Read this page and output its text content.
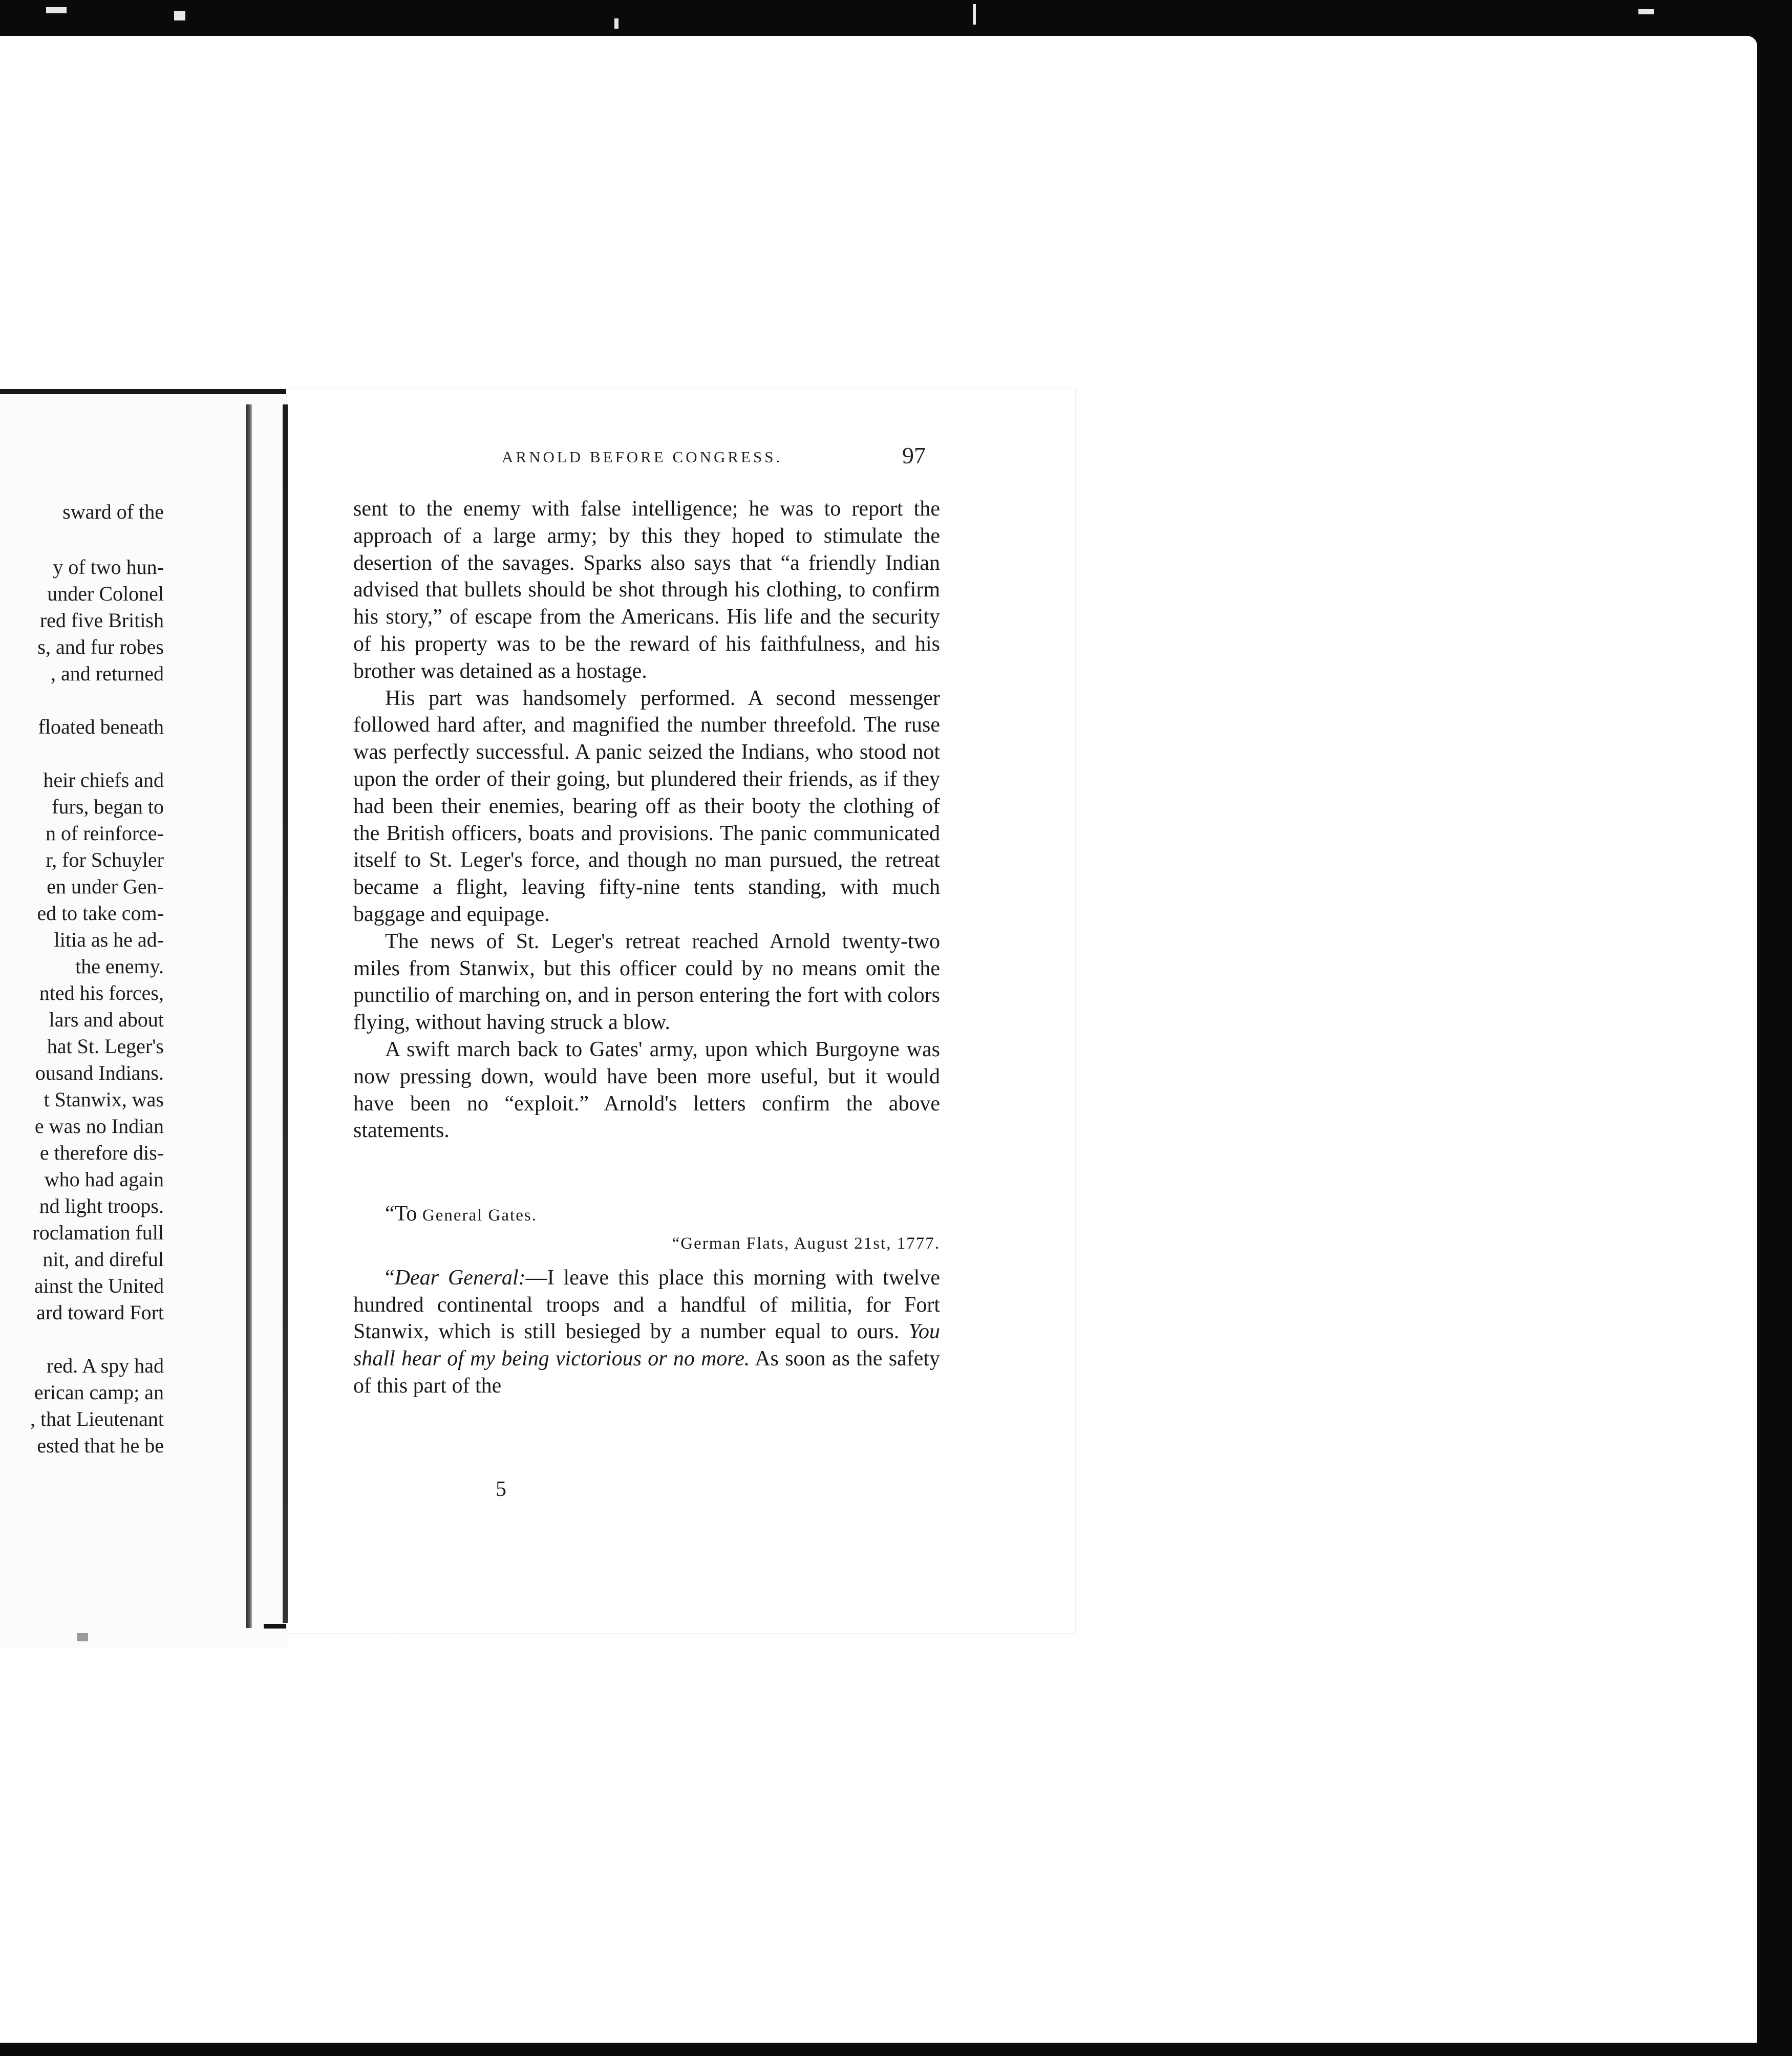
sward of the
y of two hun-
under Colonel
red five British
s, and fur robes
, and returned
floated beneath
heir chiefs and
furs, began to
n of reinforce-
r, for Schuyler
en under Gen-
ed to take com-
litia as he ad-
the enemy.
nted his forces,
lars and about
hat St. Leger's
ousand Indians.
t Stanwix, was
e was no Indian
e therefore dis-
who had again
nd light troops.
roclamation full
nit, and direful
ainst the United
ard toward Fort
red. A spy had
erican camp; an
, that Lieutenant
ested that he be
ARNOLD BEFORE CONGRESS.	97

sent to the enemy with false intelligence; he was to report the approach of a large army; by this they hoped to stimulate the desertion of the savages. Sparks also says that “a friendly Indian advised that bullets should be shot through his clothing, to confirm his story,” of escape from the Americans. His life and the security of his property was to be the reward of his faithfulness, and his brother was detained as a hostage.

His part was handsomely performed. A second messenger followed hard after, and magnified the number threefold. The ruse was perfectly successful. A panic seized the Indians, who stood not upon the order of their going, but plundered their friends, as if they had been their enemies, bearing off as their booty the clothing of the British officers, boats and provisions. The panic communicated itself to St. Leger's force, and though no man pursued, the retreat became a flight, leaving fifty-nine tents standing, with much baggage and equipage.

The news of St. Leger's retreat reached Arnold twenty-two miles from Stanwix, but this officer could by no means omit the punctilio of marching on, and in person entering the fort with colors flying, without having struck a blow.

A swift march back to Gates' army, upon which Burgoyne was now pressing down, would have been more useful, but it would have been no “exploit.” Arnold's letters confirm the above statements.

“To General Gates.

“German Flats, August 21st, 1777.

“Dear General:—I leave this place this morning with twelve hundred continental troops and a handful of militia, for Fort Stanwix, which is still besieged by a number equal to ours. You shall hear of my being victorious or no more. As soon as the safety of this part of the

5
